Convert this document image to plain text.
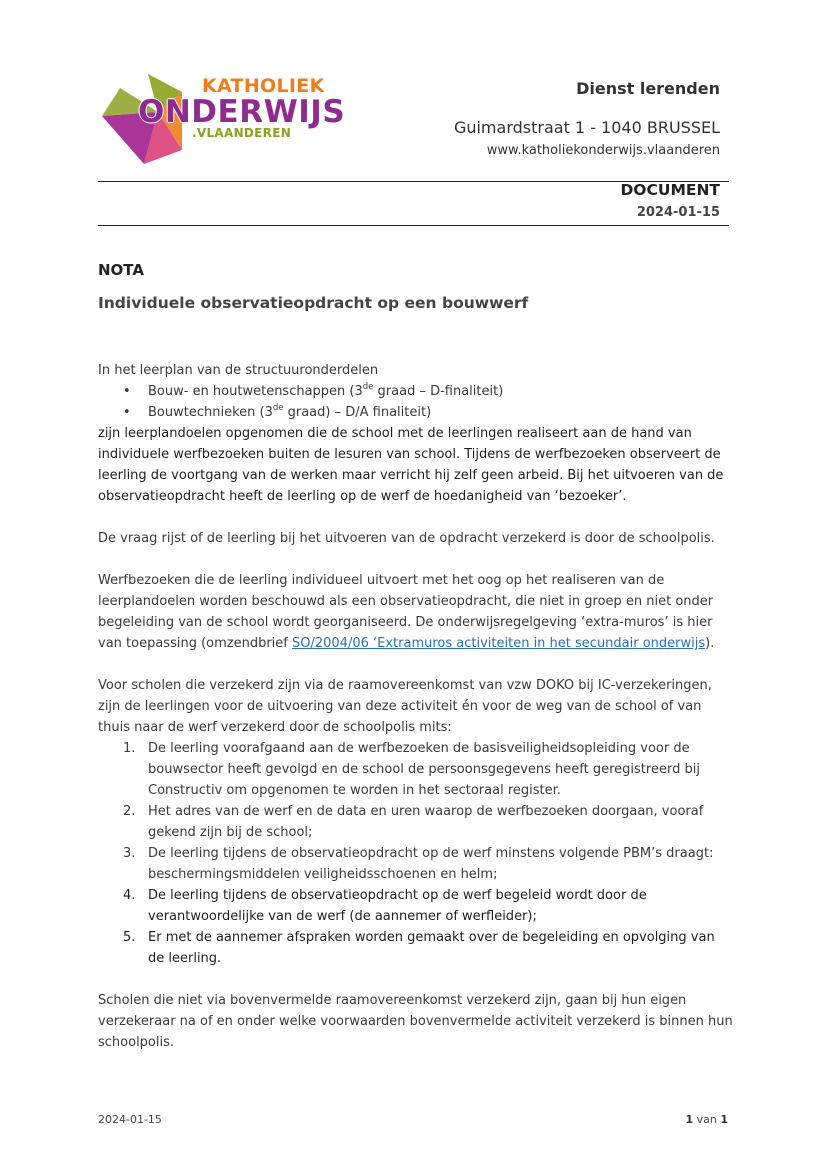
KATHOLIEK
ONDERWIJS
.VLAANDEREN
Dienst lerenden
Guimardstraat 1 - 1040 BRUSSEL
www.katholiekonderwijs.vlaanderen
DOCUMENT
2024-01-15
NOTA
Individuele observatieopdracht op een bouwwerf

In het leerplan van de structuuronderdelen

• Bouw- en houtwetenschappen (3de graad – D-finaliteit)
• Bouwtechnieken (3de graad) – D/A finaliteit)

zijn leerplandoelen opgenomen die de school met de leerlingen realiseert aan de hand van individuele werfbezoeken buiten de lesuren van school. Tijdens de werfbezoeken observeert de leerling de voortgang van de werken maar verricht hij zelf geen arbeid. Bij het uitvoeren van de observatieopdracht heeft de leerling op de werf de hoedanigheid van ‘bezoeker’.

De vraag rijst of de leerling bij het uitvoeren van de opdracht verzekerd is door de schoolpolis.

Werfbezoeken die de leerling individueel uitvoert met het oog op het realiseren van de leerplandoelen worden beschouwd als een observatieopdracht, die niet in groep en niet onder begeleiding van de school wordt georganiseerd. De onderwijsregelgeving ‘extra-muros’ is hier van toepassing (omzendbrief SO/2004/06 ‘Extramuros activiteiten in het secundair onderwijs).

Voor scholen die verzekerd zijn via de raamovereenkomst van vzw DOKO bij IC-verzekeringen, zijn de leerlingen voor de uitvoering van deze activiteit én voor de weg van de school of van thuis naar de werf verzekerd door de schoolpolis mits:

1. De leerling voorafgaand aan de werfbezoeken de basisveiligheidsopleiding voor de bouwsector heeft gevolgd en de school de persoonsgegevens heeft geregistreerd bij Constructiv om opgenomen te worden in het sectoraal register.
2. Het adres van de werf en de data en uren waarop de werfbezoeken doorgaan, vooraf gekend zijn bij de school;
3. De leerling tijdens de observatieopdracht op de werf minstens volgende PBM’s draagt: beschermingsmiddelen veiligheidsschoenen en helm;
4. De leerling tijdens de observatieopdracht op de werf begeleid wordt door de verantwoordelijke van de werf (de aannemer of werfleider);
5. Er met de aannemer afspraken worden gemaakt over de begeleiding en opvolging van de leerling.

Scholen die niet via bovenvermelde raamovereenkomst verzekerd zijn, gaan bij hun eigen verzekeraar na of en onder welke voorwaarden bovenvermelde activiteit verzekerd is binnen hun schoolpolis.

2024-01-15	1 van 1
